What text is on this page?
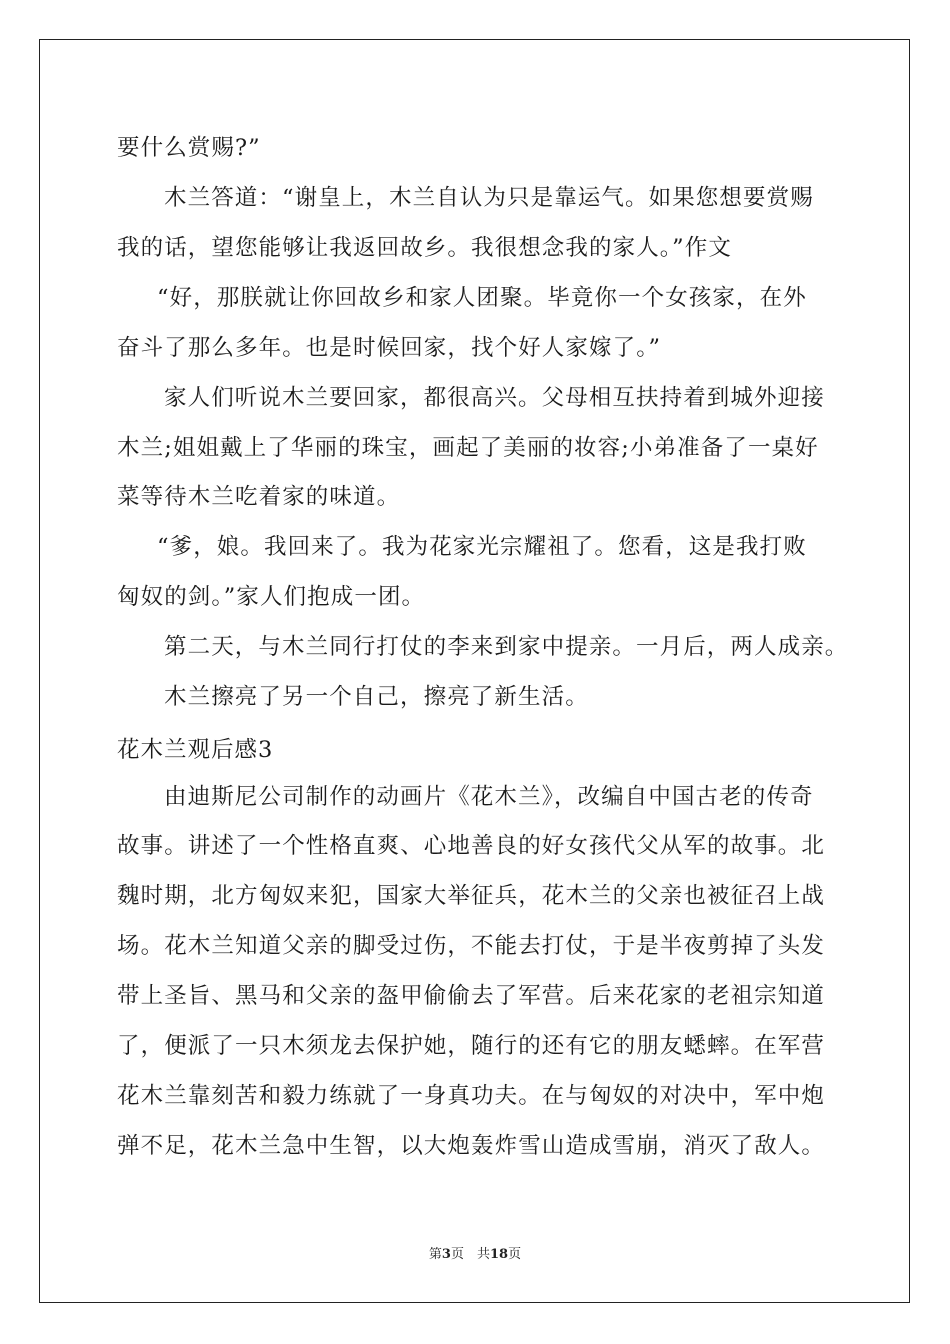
要什么赏赐?”
木兰答道：“谢皇上，木兰自认为只是靠运气。如果您想要赏赐
我的话，望您能够让我返回故乡。我很想念我的家人。”作文
“好，那朕就让你回故乡和家人团聚。毕竟你一个女孩家，在外
奋斗了那么多年。也是时候回家，找个好人家嫁了。”
家人们听说木兰要回家，都很高兴。父母相互扶持着到城外迎接
木兰;姐姐戴上了华丽的珠宝，画起了美丽的妆容;小弟准备了一桌好
菜等待木兰吃着家的味道。
“爹，娘。我回来了。我为花家光宗耀祖了。您看，这是我打败
匈奴的剑。”家人们抱成一团。
第二天，与木兰同行打仗的李来到家中提亲。一月后，两人成亲。
木兰擦亮了另一个自己，擦亮了新生活。
花木兰观后感3
由迪斯尼公司制作的动画片《花木兰》，改编自中国古老的传奇
故事。讲述了一个性格直爽、心地善良的好女孩代父从军的故事。北
魏时期，北方匈奴来犯，国家大举征兵，花木兰的父亲也被征召上战
场。花木兰知道父亲的脚受过伤，不能去打仗，于是半夜剪掉了头发
带上圣旨、黑马和父亲的盔甲偷偷去了军营。后来花家的老祖宗知道
了，便派了一只木须龙去保护她，随行的还有它的朋友蟋蟀。在军营
花木兰靠刻苦和毅力练就了一身真功夫。在与匈奴的对决中，军中炮
弹不足，花木兰急中生智，以大炮轰炸雪山造成雪崩，消灭了敌人。
第3页　共18页
